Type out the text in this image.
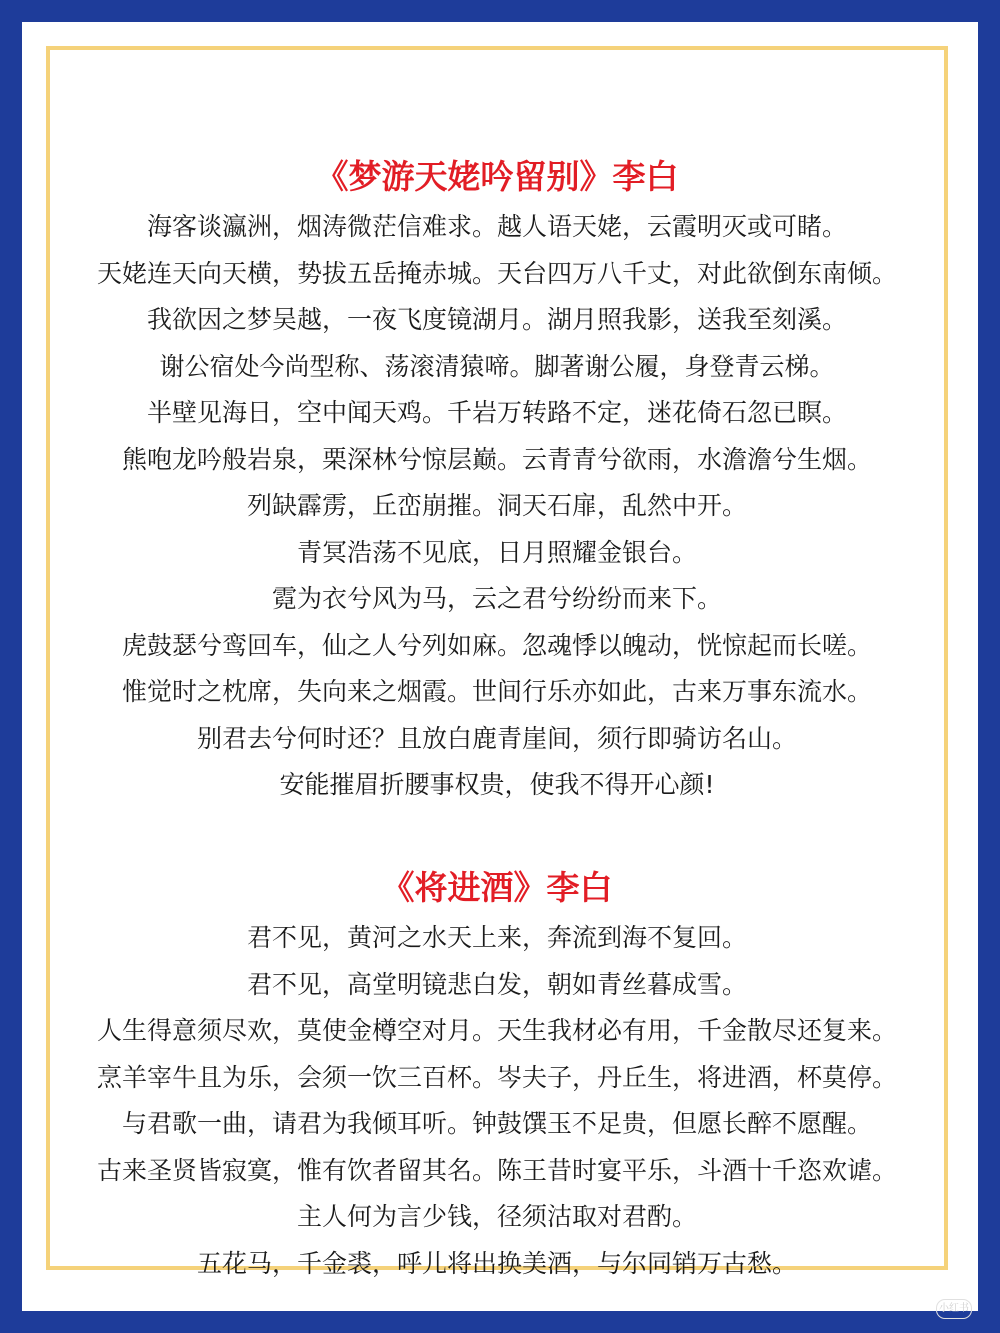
《梦游天姥吟留别》李白
海客谈瀛洲，烟涛微茫信难求。越人语天姥，云霞明灭或可睹。
天姥连天向天横，势拔五岳掩赤城。天台四万八千丈，对此欲倒东南倾。
我欲因之梦吴越，一夜飞度镜湖月。湖月照我影，送我至刻溪。
谢公宿处今尚型称、荡滚清猿啼。脚著谢公履，身登青云梯。
半壁见海日，空中闻天鸡。千岩万转路不定，迷花倚石忽已瞑。
熊咆龙吟般岩泉，栗深林兮惊层巅。云青青兮欲雨，水澹澹兮生烟。
列缺霹雳，丘峦崩摧。洞天石扉，乱然中开。
青冥浩荡不见底，日月照耀金银台。
霓为衣兮风为马，云之君兮纷纷而来下。
虎鼓瑟兮鸾回车，仙之人兮列如麻。忽魂悸以魄动，恍惊起而长嗟。
惟觉时之枕席，失向来之烟霞。世间行乐亦如此，古来万事东流水。
别君去兮何时还？且放白鹿青崖间，须行即骑访名山。
安能摧眉折腰事权贵，使我不得开心颜!
《将进酒》李白
君不见，黄河之水天上来，奔流到海不复回。
君不见，高堂明镜悲白发，朝如青丝暮成雪。
人生得意须尽欢，莫使金樽空对月。天生我材必有用，千金散尽还复来。
烹羊宰牛且为乐，会须一饮三百杯。岑夫子，丹丘生，将进酒，杯莫停。
与君歌一曲，请君为我倾耳听。钟鼓馔玉不足贵，但愿长醉不愿醒。
古来圣贤皆寂寞，惟有饮者留其名。陈王昔时宴平乐，斗酒十千恣欢谑。
主人何为言少钱，径须沽取对君酌。
五花马，千金裘，呼儿将出换美酒，与尔同销万古愁。
小红书
